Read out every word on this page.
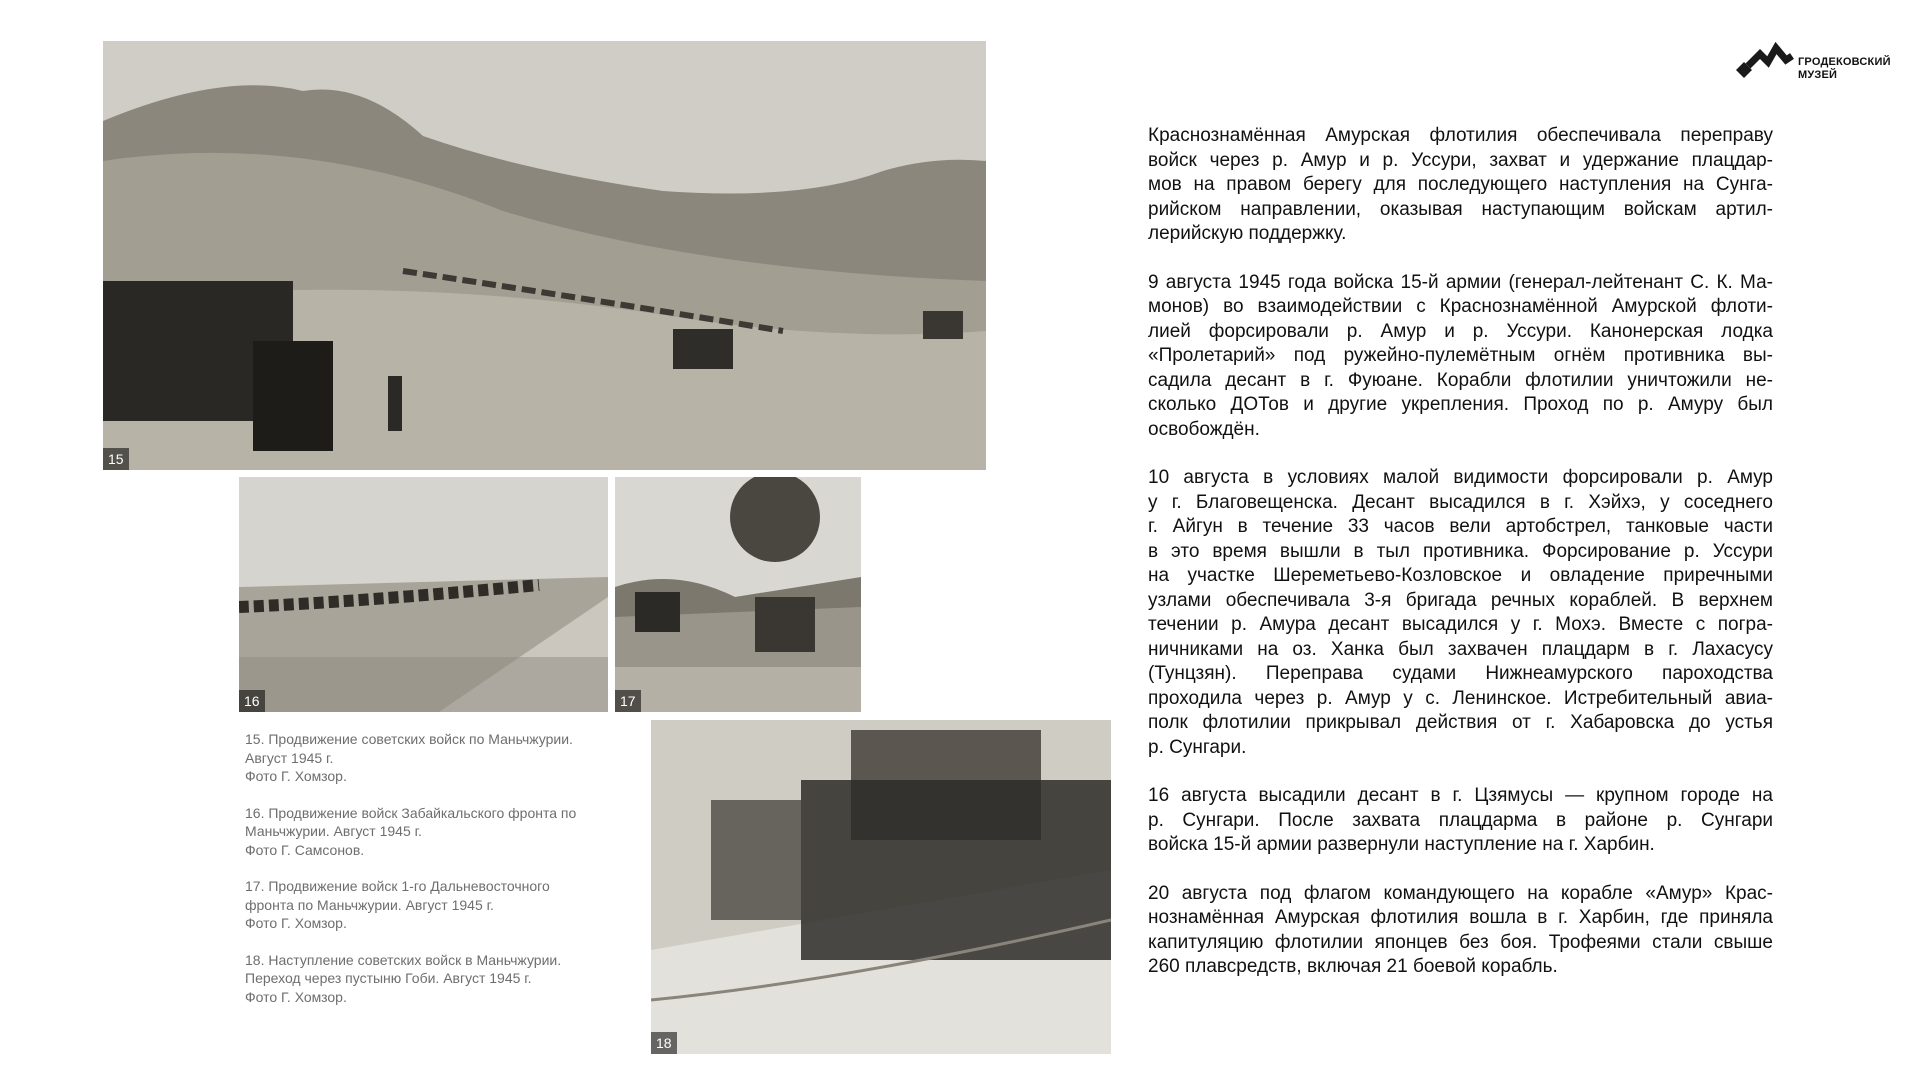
15
16	17
18

15. Продвижение советских войск по Маньчжурии.
Август 1945 г.
Фото Г. Хомзор.

16. Продвижение войск Забайкальского фронта по
Маньчжурии. Август 1945 г.
Фото Г. Самсонов.

17. Продвижение войск 1-го Дальневосточного
фронта по Маньчжурии. Август 1945 г.
Фото Г. Хомзор.

18. Наступление советских войск в Маньчжурии.
Переход через пустыню Гоби. Август 1945 г.
Фото Г. Хомзор.

ГРОДЕКОВСКИЙ
МУЗЕЙ
Краснознамённая Амурская флотилия обеспечивала переправу
войск через р. Амур и р. Уссури, захват и удержание плацдар-
мов на правом берегу для последующего наступления на Сунга-
рийском направлении, оказывая наступающим войскам артил-
лерийскую поддержку.
9 августа 1945 года войска 15-й армии (генерал-лейтенант С. К. Ма-
монов) во взаимодействии с Краснознамённой Амурской флоти-
лией форсировали р. Амур и р. Уссури. Канонерская лодка
«Пролетарий» под ружейно-пулемётным огнём противника вы-
садила десант в г. Фуюане. Корабли флотилии уничтожили не-
сколько ДОТов и другие укрепления. Проход по р. Амуру был
освобождён.
10 августа в условиях малой видимости форсировали р. Амур
у г. Благовещенска. Десант высадился в г. Хэйхэ, у соседнего
г. Айгун в течение 33 часов вели артобстрел, танковые части
в это время вышли в тыл противника. Форсирование р. Уссури
на участке Шереметьево-Козловское и овладение приречными
узлами обеспечивала 3-я бригада речных кораблей. В верхнем
течении р. Амура десант высадился у г. Мохэ. Вместе с погра-
ничниками на оз. Ханка был захвачен плацдарм в г. Лахасусу
(Тунцзян). Переправа судами Нижнеамурского пароходства
проходила через р. Амур у с. Ленинское. Истребительный авиа-
полк флотилии прикрывал действия от г. Хабаровска до устья
р. Сунгари.
16 августа высадили десант в г. Цзямусы — крупном городе на
р. Сунгари. После захвата плацдарма в районе р. Сунгари
войска 15-й армии развернули наступление на г. Харбин.
20 августа под флагом командующего на корабле «Амур» Крас-
нознамённая Амурская флотилия вошла в г. Харбин, где приняла
капитуляцию флотилии японцев без боя. Трофеями стали свыше
260 плавсредств, включая 21 боевой корабль.
